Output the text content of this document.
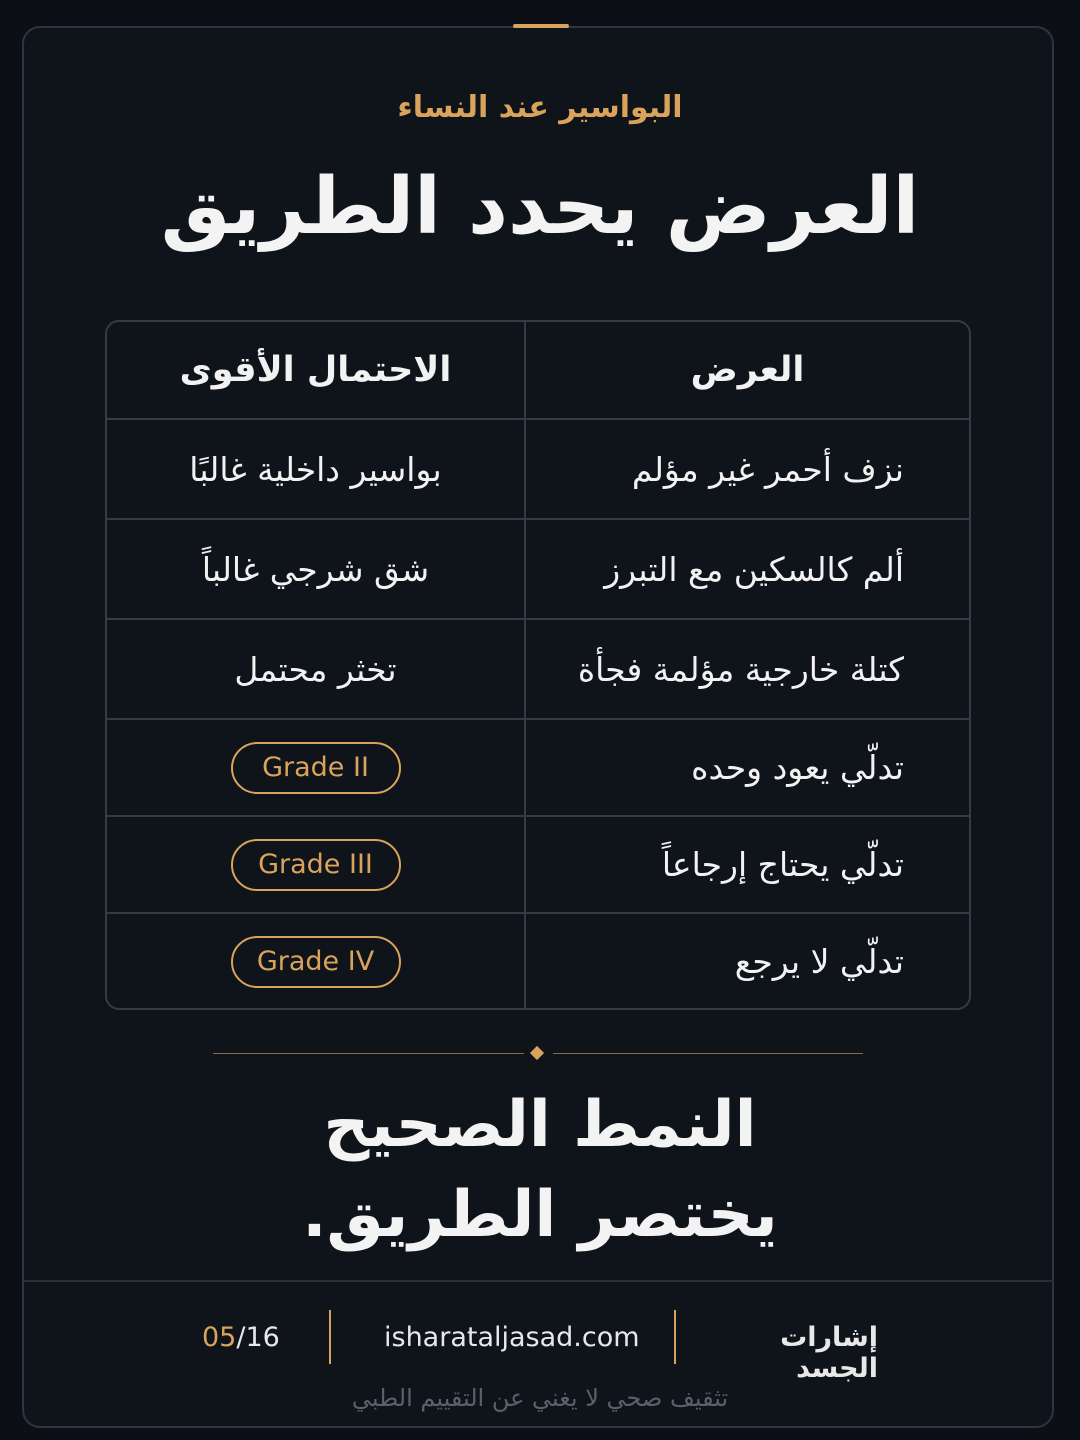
البواسير عند النساء
العرض يحدد الطريق
العرض
الاحتمال الأقوى
نزف أحمر غير مؤلم
بواسير داخلية غالبًا
ألم كالسكين مع التبرز
شق شرجي غالباً
كتلة خارجية مؤلمة فجأة
تخثر محتمل
تدلّي يعود وحده
Grade II
تدلّي يحتاج إرجاعاً
Grade III
تدلّي لا يرجع
Grade IV
النمط الصحيح
يختصر الطريق.
05/16	isharataljasad.com	إشارات الجسد
تثقيف صحي لا يغني عن التقييم الطبي
